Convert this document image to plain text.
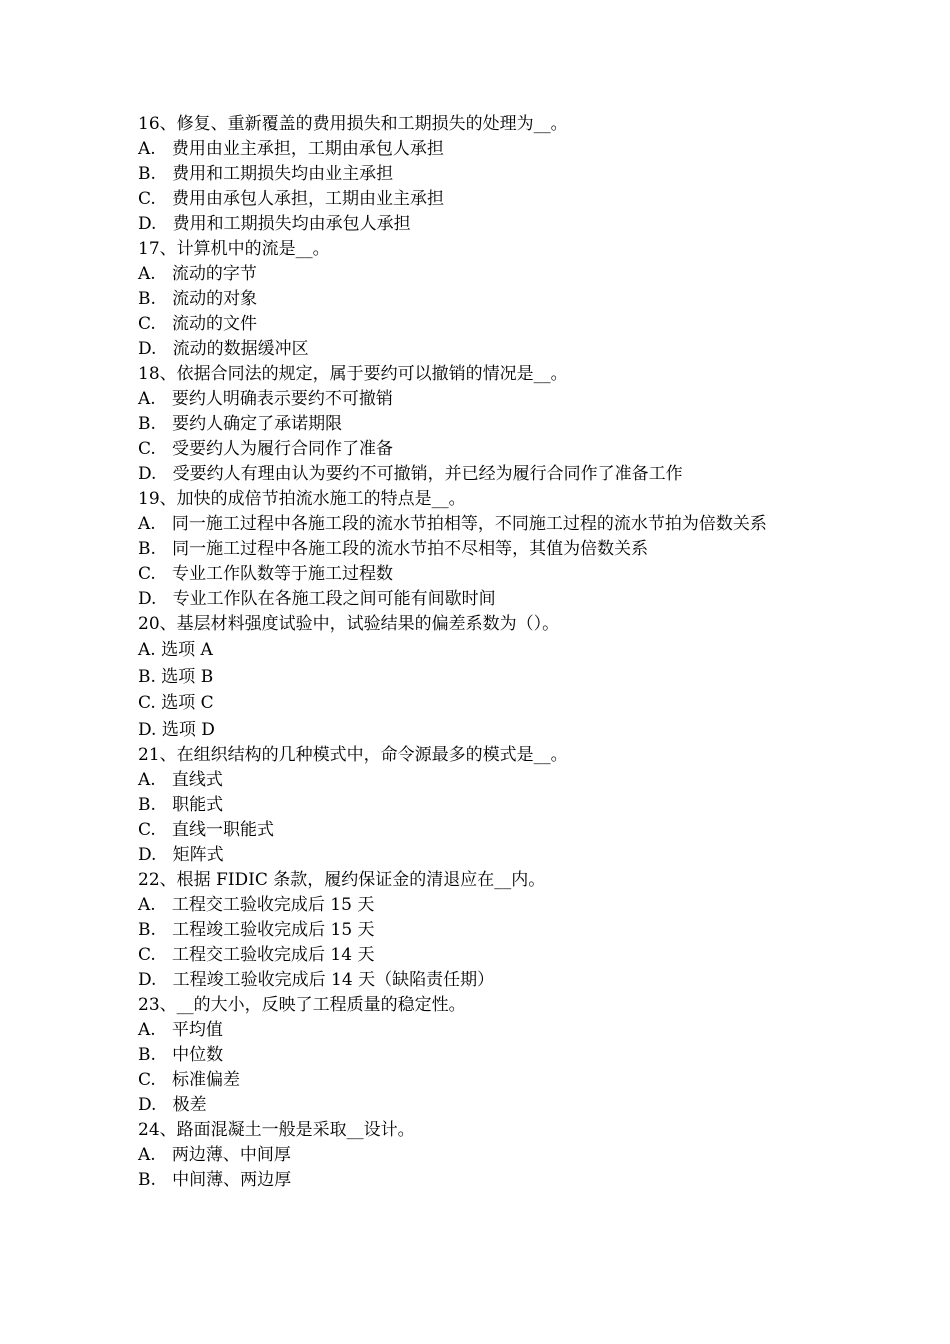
16、修复、重新覆盖的费用损失和工期损失的处理为__。

A.   费用由业主承担，工期由承包人承担

B.   费用和工期损失均由业主承担

C.   费用由承包人承担，工期由业主承担

D.   费用和工期损失均由承包人承担

17、计算机中的流是__。

A.   流动的字节

B.   流动的对象

C.   流动的文件

D.   流动的数据缓冲区

18、依据合同法的规定，属于要约可以撤销的情况是__。

A.   要约人明确表示要约不可撤销

B.   要约人确定了承诺期限

C.   受要约人为履行合同作了准备

D.   受要约人有理由认为要约不可撤销，并已经为履行合同作了准备工作

19、加快的成倍节拍流水施工的特点是__。

A.   同一施工过程中各施工段的流水节拍相等，不同施工过程的流水节拍为倍数关系

B.   同一施工过程中各施工段的流水节拍不尽相等，其值为倍数关系

C.   专业工作队数等于施工过程数

D.   专业工作队在各施工段之间可能有间歇时间

20、基层材料强度试验中，试验结果的偏差系数为（）。

A. 选项 A

B. 选项 B

C. 选项 C

D. 选项 D

21、在组织结构的几种模式中，命令源最多的模式是__。

A.   直线式

B.   职能式

C.   直线一职能式

D.   矩阵式

22、根据 FIDIC 条款，履约保证金的清退应在__内。

A.   工程交工验收完成后 15 天

B.   工程竣工验收完成后 15 天

C.   工程交工验收完成后 14 天

D.   工程竣工验收完成后 14 天（缺陷责任期）

23、__的大小，反映了工程质量的稳定性。

A.   平均值

B.   中位数

C.   标准偏差

D.   极差

24、路面混凝土一般是采取__设计。

A.   两边薄、中间厚

B.   中间薄、两边厚
